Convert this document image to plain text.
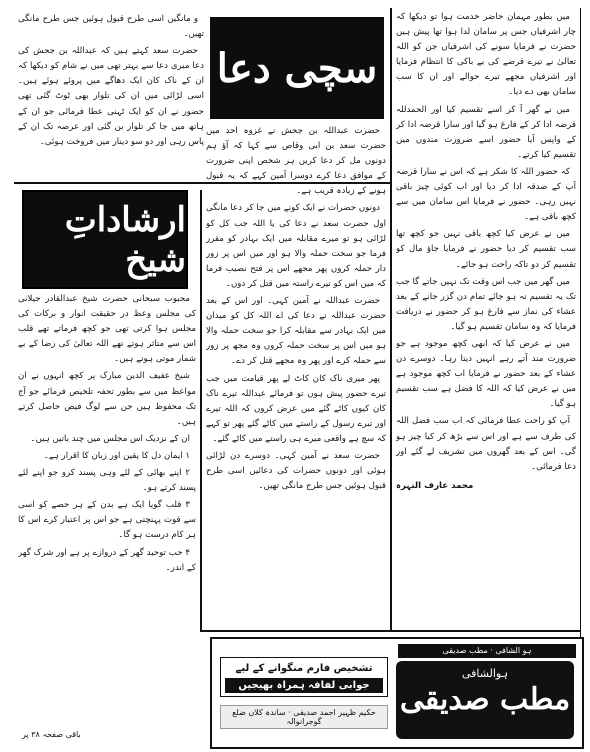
میں بطور مہمان حاضر خدمت ہوا تو دیکھا کہ چار اشرفیاں جس پر سامان لدا ہوا تھا پیش ہیں حضرت نے فرمایا سونے کی اشرفیاں جن کو اللہ تعالیٰ نے تیرے قرضے کی بے باکی کا انتظام فرمایا اور اشرفیاں مجھے تیرے حوالے اور ان کا سب سامان بھی دے دیا۔

میں نے گھر آ کر اسے تقسیم کیا اور الحمدللہ قرضہ ادا کر کے فارغ ہو گیا اور سارا قرضہ ادا کر کے واپس آیا حضور اسے ضرورت مندوں میں تقسیم کیا کرتے۔

کہ حضور اللہ کا شکر ہے کہ اس نے سارا قرضہ آپ کے صدقہ ادا کر دیا اور اب کوئی چیز باقی نہیں رہی۔ حضور نے فرمایا اس سامان میں سے کچھ باقی ہے۔

میں نے عرض کیا کچھ باقی نہیں جو کچھ تھا سب تقسیم کر دیا حضور نے فرمایا جاؤ مال کو تقسیم کر دو تاکہ راحت ہو جائے۔

میں گھر میں جب اس وقت تک نہیں جاتے گا جب تک یہ تقسیم نہ ہو جائے تمام دن گزر جانے کے بعد عشاء کی نماز سے فارغ ہو کر حضور نے دریافت فرمایا کہ وہ سامان تقسیم ہو گیا۔

میں نے عرض کیا کہ ابھی کچھ موجود ہے جو ضرورت مند آتے رہے انہیں دیتا رہا۔ دوسرے دن عشاء کے بعد حضور نے فرمایا اب کچھ موجود ہے میں نے عرض کیا کہ اللہ کا فضل ہے سب تقسیم ہو گیا۔

آپ کو راحت عطا فرمائی کہ اب سب فضل اللہ کی طرف سے ہے اور اس سے بڑھ کر کیا چیز ہو گی۔ اس کے بعد گھروں میں تشریف لے گئے اور دعا فرمائی۔

محمد عارف النہرہ

سچی دعا

و مانگیں اسی طرح قبول ہوئیں جس طرح مانگی تھیں۔

حضرت سعد کہتے ہیں کہ عبداللہ بن جحش کی دعا میری دعا سے بہتر تھی میں نے شام کو دیکھا کہ ان کے ناک کان ایک دھاگے میں پروئے ہوئے ہیں۔ اسی لڑائی میں ان کی تلوار بھی ٹوٹ گئی تھی حضور نے ان کو ایک ٹہنی عطا فرمائی جو ان کے ہاتھ میں جا کر تلوار بن گئی اور عرصہ تک ان کے پاس رہی اور دو سو دینار میں فروخت ہوئی۔

حضرت عبداللہ بن جحش نے غزوہ احد میں حضرت سعد بن ابی وقاص سے کہا کہ آؤ ہم دونوں مل کر دعا کریں ہر شخص اپنی ضرورت کے موافق دعا کرے دوسرا آمین کہے کہ یہ قبول ہونے کے زیادہ قریب ہے۔

دونوں حضرات نے ایک کونے میں جا کر دعا مانگی اول حضرت سعد نے دعا کی یا اللہ جب کل کو لڑائی ہو تو میرے مقابلہ میں ایک بہادر کو مقرر فرما جو سخت حملہ والا ہو اور میں اس پر زور دار حملہ کروں پھر مجھے اس پر فتح نصیب فرما کہ میں اس کو تیرے راستہ میں قتل کر دوں۔

حضرت عبداللہ نے آمین کہی۔ اور اس کے بعد حضرت عبداللہ نے دعا کی اے اللہ کل کو میدان میں ایک بہادر سے مقابلہ کرا جو سخت حملہ والا ہو میں اس پر سخت حملہ کروں وہ مجھ پر زور سے حملہ کرے اور پھر وہ مجھے قتل کر دے۔

پھر میری ناک کان کاٹ لے پھر قیامت میں جب تیرے حضور پیش ہوں تو فرمائے عبداللہ تیرے ناک کان کیوں کاٹے گئے میں عرض کروں کہ اللہ تیرے اور تیرے رسول کے راستے میں کاٹے گئے پھر تو کہے کہ سچ ہے واقعی میرے ہی راستے میں کاٹے گئے۔

حضرت سعد نے آمین کہی۔ دوسرے دن لڑائی ہوئی اور دونوں حضرات کی دعائیں اسی طرح قبول ہوئیں جس طرح مانگی تھیں۔

ارشاداتِ شیخ

محبوب سبحانی حضرت شیخ عبدالقادر جیلانی کی مجلس وعظ در حقیقت انوار و برکات کی مجلس ہوا کرتی تھی جو کچھ فرماتے تھے قلب اس سے متاثر ہوتے تھے اللہ تعالیٰ کی رضا کے بے شمار موتی ہوتے ہیں۔

شیخ عفیف الدین مبارک پر کچھ انہوں نے ان مواعظ میں سے بطور تحفہ تلخیص فرمائے جو آج تک محفوظ ہیں جن سے لوگ فیض حاصل کرتے ہیں۔

ان کے نزدیک اس مجلس میں چند باتیں ہیں۔

۱ ایمان دل کا یقین اور زبان کا اقرار ہے۔

۲ اپنے بھائی کے لئے وہی پسند کرو جو اپنے لئے پسند کرتے ہو۔

۳ قلب گویا ایک ہے بدن کے ہر حصے کو اسی سے قوت پہنچتی ہے جو اس پر اعتبار کرے اس کا ہر کام درست ہو گا۔

۴ حب توحید گھر کے دروازے پر ہے اور شرک گھر کے اندر۔

باقی صفحہ ۳۸ پر
ہو الشافی · مطب صدیقی
ہوالشافی
مطب صدیقی
تشخیص فارم منگوانے کے لیے
جوابی لفافہ ہمراہ بھیجیں
حکیم ظہیر احمد صدیقی · ساندہ کلاں ضلع گوجرانوالہ
